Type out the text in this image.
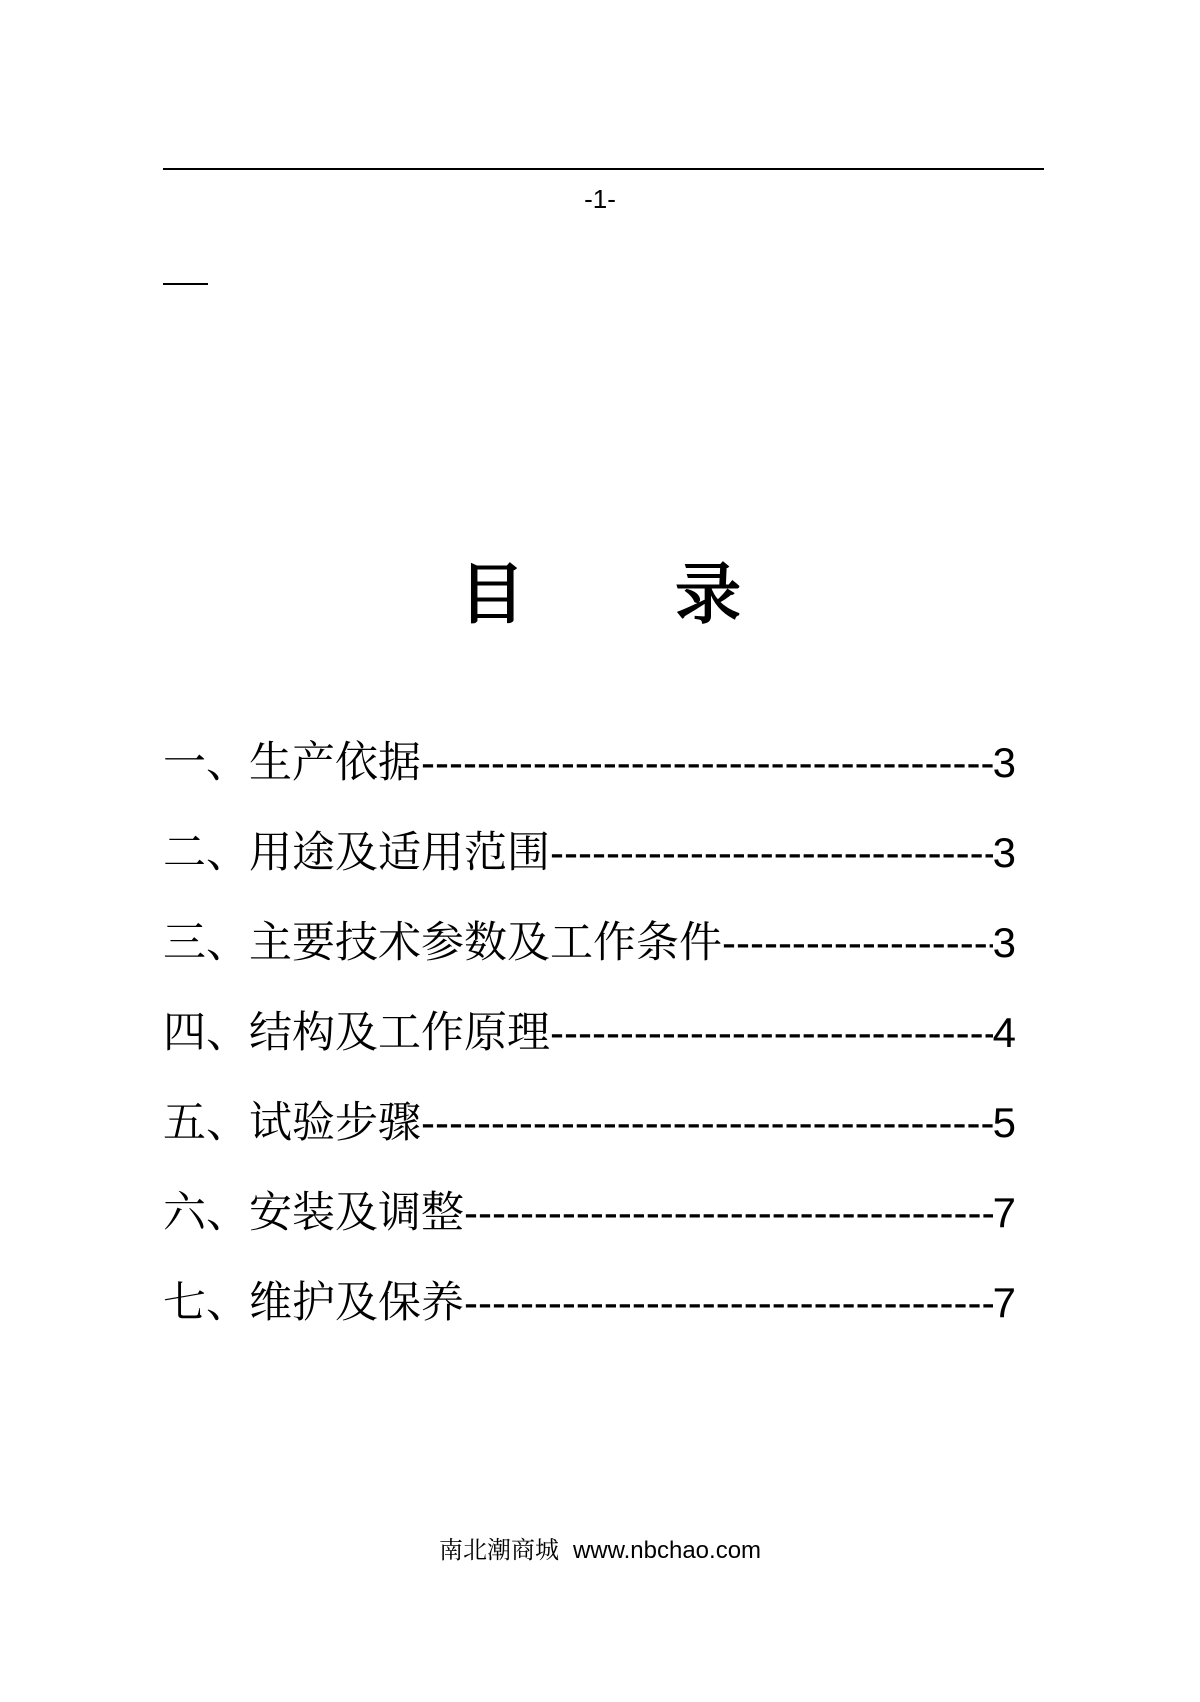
-1-
目 录
一、生产依据 -----	3
二、用途及适用范围 -----	3
三、主要技术参数及工作条件 -----	3
四、结构及工作原理 -----	4
五、试验步骤 -----	5
六、安装及调整 -----	7
七、维护及保养 -----	7
南北潮商城 www.nbchao.com
